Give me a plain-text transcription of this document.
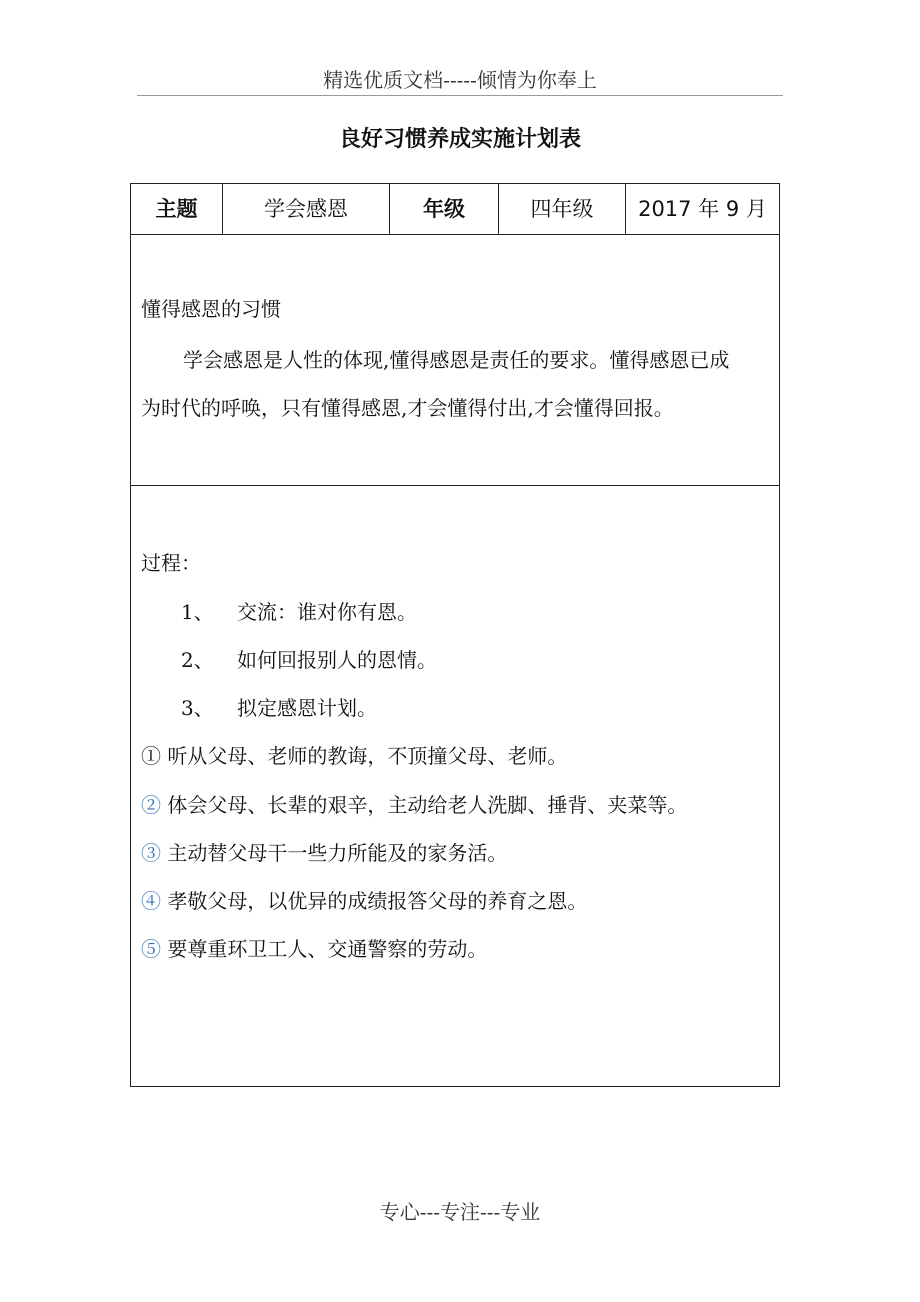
精选优质文档-----倾情为你奉上
良好习惯养成实施计划表
主题	学会感恩	年级	四年级	2017 年 9 月
懂得感恩的习惯
学会感恩是人性的体现,懂得感恩是责任的要求。懂得感恩已成
为时代的呼唤，只有懂得感恩,才会懂得付出,才会懂得回报。
过程：
1、 交流：谁对你有恩。
2、 如何回报别人的恩情。
3、 拟定感恩计划。
① 听从父母、老师的教诲，不顶撞父母、老师。
② 体会父母、长辈的艰辛，主动给老人洗脚、捶背、夹菜等。
③ 主动替父母干一些力所能及的家务活。
④ 孝敬父母，以优异的成绩报答父母的养育之恩。
⑤ 要尊重环卫工人、交通警察的劳动。
专心---专注---专业
